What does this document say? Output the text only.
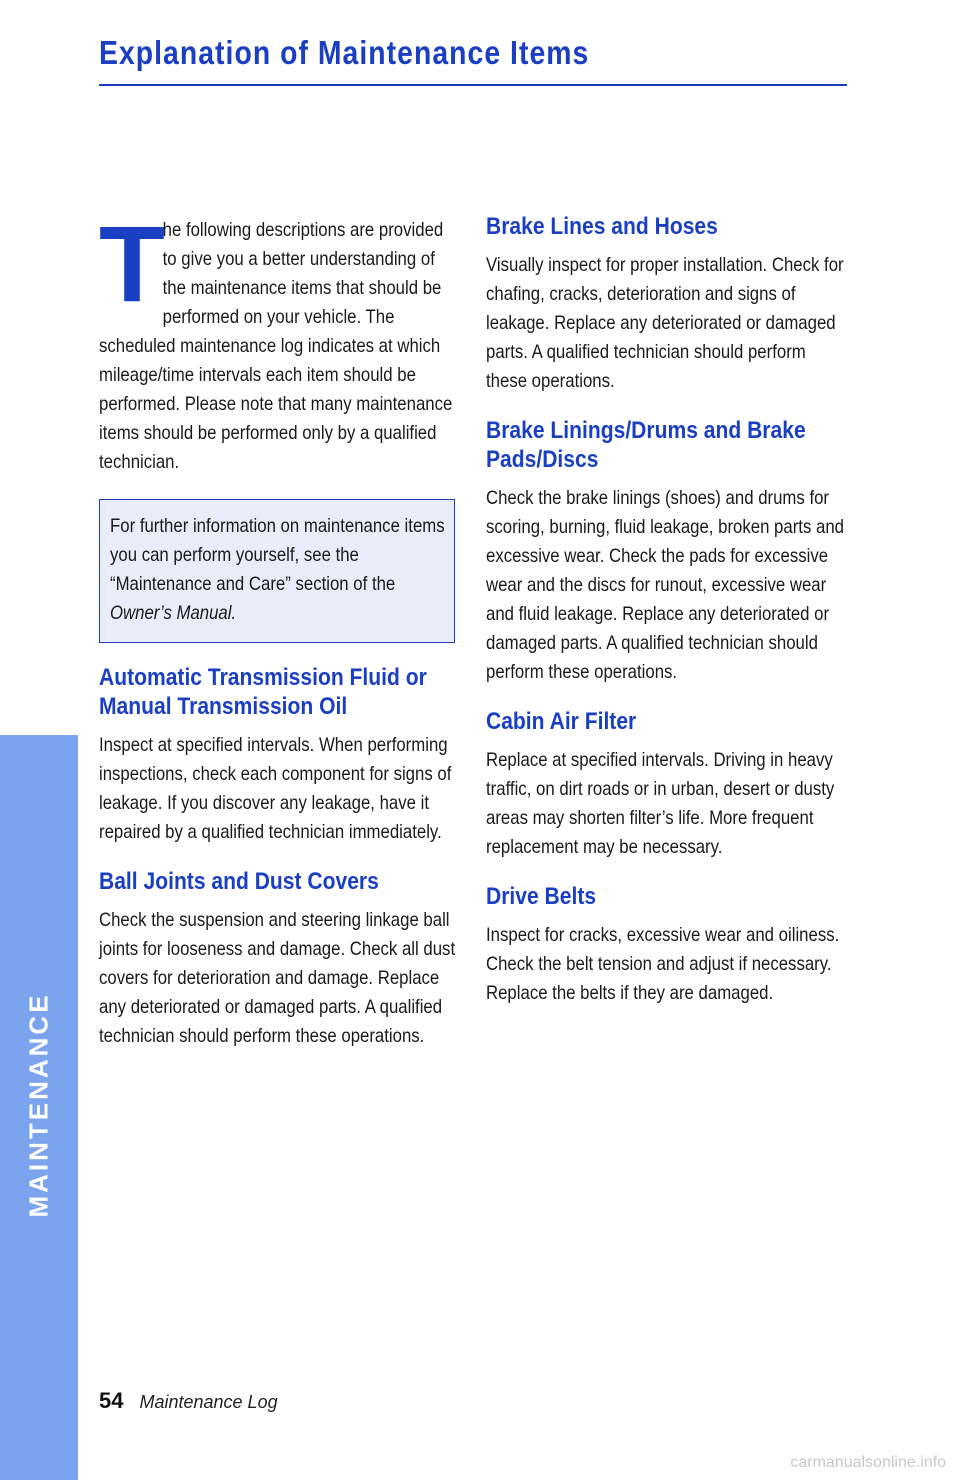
Explanation of Maintenance Items
T

he following descriptions are provided to give you a better understanding of the maintenance items that should be performed on your vehicle. The scheduled maintenance log indicates at which mileage/time intervals each item should be performed. Please note that many maintenance items should be performed only by a qualified technician.

For further information on maintenance items you can perform yourself, see the “Maintenance and Care” section of the Owner’s Manual.

Automatic Transmission Fluid or Manual Transmission Oil

Inspect at specified intervals. When performing inspections, check each component for signs of leakage. If you discover any leakage, have it repaired by a qualified technician immediately.

Ball Joints and Dust Covers

Check the suspension and steering linkage ball joints for looseness and damage. Check all dust covers for deterioration and damage. Replace any deteriorated or damaged parts. A qualified technician should perform these operations.

Brake Lines and Hoses

Visually inspect for proper installation. Check for chafing, cracks, deterioration and signs of leakage. Replace any deteriorated or damaged parts. A qualified technician should perform these operations.

Brake Linings/Drums and Brake Pads/Discs

Check the brake linings (shoes) and drums for scoring, burning, fluid leakage, broken parts and excessive wear. Check the pads for excessive wear and the discs for runout, excessive wear and fluid leakage. Replace any deteriorated or damaged parts. A qualified technician should perform these operations.

Cabin Air Filter

Replace at specified intervals. Driving in heavy traffic, on dirt roads or in urban, desert or dusty areas may shorten filter’s life. More frequent replacement may be necessary.

Drive Belts

Inspect for cracks, excessive wear and oiliness. Check the belt tension and adjust if necessary. Replace the belts if they are damaged.

MAINTENANCE
54 Maintenance Log
carmanualsonline.info
